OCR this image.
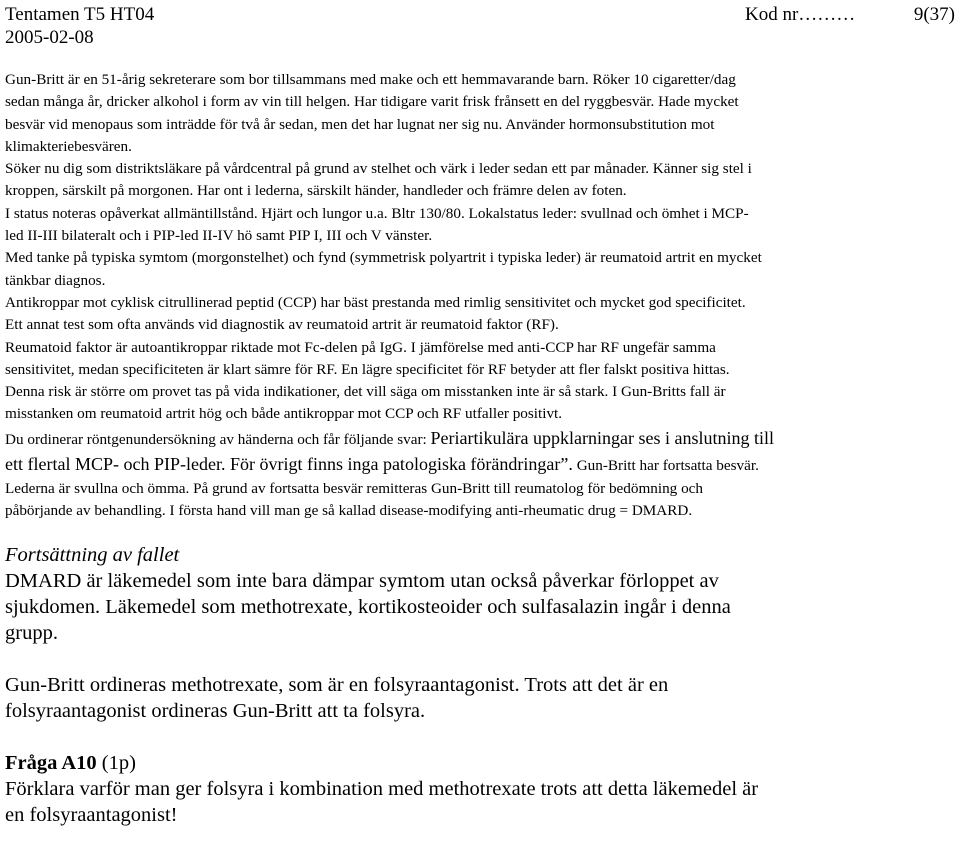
Tentamen T5 HT04
2005-02-08
Kod nr………	9(37)

Gun-Britt är en 51-årig sekreterare som bor tillsammans med make och ett hemmavarande barn. Röker 10 cigaretter/dag

sedan många år, dricker alkohol i form av vin till helgen. Har tidigare varit frisk frånsett en del ryggbesvär. Hade mycket

besvär vid menopaus som inträdde för två år sedan, men det har lugnat ner sig nu. Använder hormonsubstitution mot

klimakteriebesvären.

Söker nu dig som distriktsläkare på vårdcentral på grund av stelhet och värk i leder sedan ett par månader. Känner sig stel i

kroppen, särskilt på morgonen. Har ont i lederna, särskilt händer, handleder och främre delen av foten.

I status noteras opåverkat allmäntillstånd. Hjärt och lungor u.a. Bltr 130/80. Lokalstatus leder: svullnad och ömhet i MCP-

led II-III bilateralt och i PIP-led II-IV hö samt PIP I, III och V vänster.

Med tanke på typiska symtom (morgonstelhet) och fynd (symmetrisk polyartrit i typiska leder) är reumatoid artrit en mycket

tänkbar diagnos.

Antikroppar mot cyklisk citrullinerad peptid (CCP) har bäst prestanda med rimlig sensitivitet och mycket god specificitet.

Ett annat test som ofta används vid diagnostik av reumatoid artrit är reumatoid faktor (RF).

Reumatoid faktor är autoantikroppar riktade mot Fc-delen på IgG. I jämförelse med anti-CCP har RF ungefär samma

sensitivitet, medan specificiteten är klart sämre för RF. En lägre specificitet för RF betyder att fler falskt positiva hittas.

Denna risk är större om provet tas på vida indikationer, det vill säga om misstanken inte är så stark. I Gun-Britts fall är

misstanken om reumatoid artrit hög och både antikroppar mot CCP och RF utfaller positivt.

Du ordinerar röntgenundersökning av händerna och får följande svar: Periartikulära uppklarningar ses i anslutning till

ett flertal MCP- och PIP-leder. För övrigt finns inga patologiska förändringar”. Gun-Britt har fortsatta besvär.

Lederna är svullna och ömma. På grund av fortsatta besvär remitteras Gun-Britt till reumatolog för bedömning och

påbörjande av behandling. I första hand vill man ge så kallad disease-modifying anti-rheumatic drug = DMARD.

Fortsättning av fallet

DMARD är läkemedel som inte bara dämpar symtom utan också påverkar förloppet av

sjukdomen. Läkemedel som methotrexate, kortikosteoider och sulfasalazin ingår i denna

grupp.

Gun-Britt ordineras methotrexate, som är en folsyraantagonist. Trots att det är en

folsyraantagonist ordineras Gun-Britt att ta folsyra.

Fråga A10 (1p)

Förklara varför man ger folsyra i kombination med methotrexate trots att detta läkemedel är

en folsyraantagonist!
